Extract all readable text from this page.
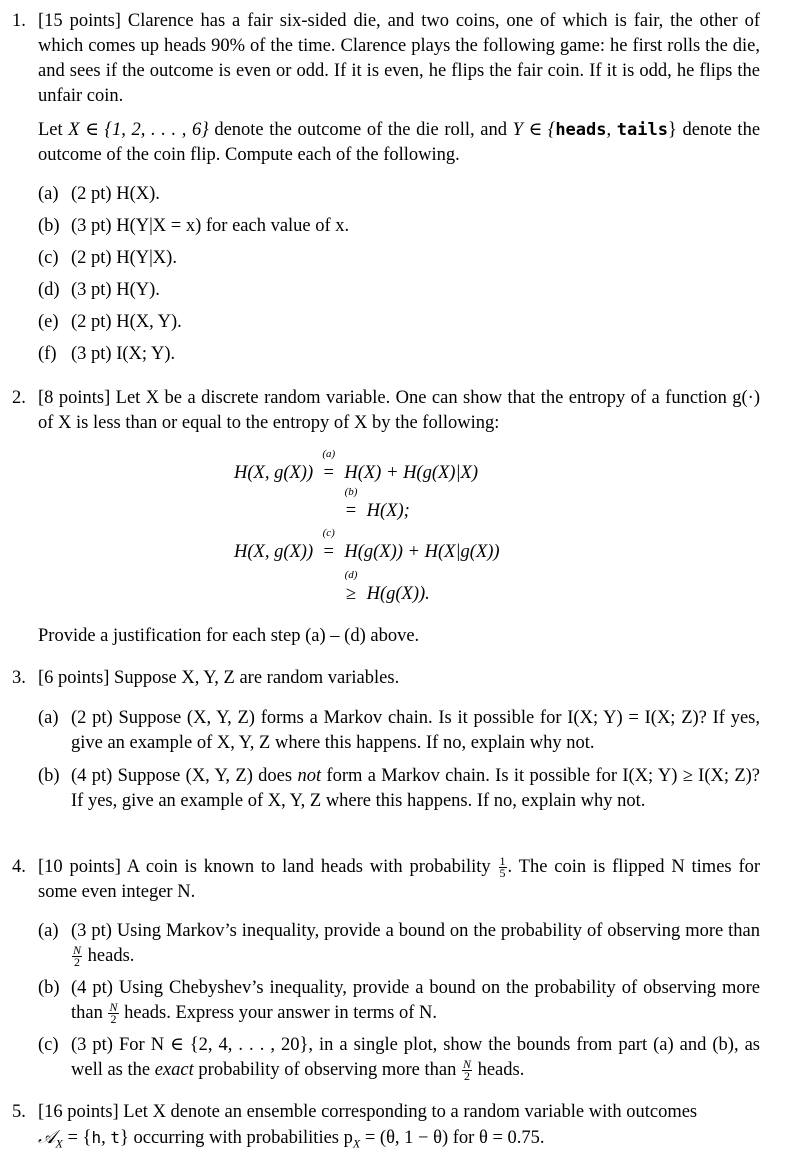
1. [15 points] Clarence has a fair six-sided die, and two coins, one of which is fair, the other of which comes up heads 90% of the time. Clarence plays the following game: he first rolls the die, and sees if the outcome is even or odd. If it is even, he flips the fair coin. If it is odd, he flips the unfair coin.

Let X ∈ {1, 2, . . . , 6} denote the outcome of the die roll, and Y ∈ {heads, tails} denote the outcome of the coin flip. Compute each of the following.

(a) (2 pt) H(X).

(b) (3 pt) H(Y|X = x) for each value of x.

(c) (2 pt) H(Y|X).

(d) (3 pt) H(Y).

(e) (2 pt) H(X, Y).

(f) (3 pt) I(X; Y).

2. [8 points] Let X be a discrete random variable. One can show that the entropy of a function g(·) of X is less than or equal to the entropy of X by the following:

H(X, g(X))
(a)
= H(X) + H(g(X)|X)
(b)
= H(X);
H(X, g(X))
(c)
= H(g(X)) + H(X|g(X))
(d)
≥ H(g(X)).

Provide a justification for each step (a) – (d) above.

3. [6 points] Suppose X, Y, Z are random variables.

(a) (2 pt) Suppose (X, Y, Z) forms a Markov chain. Is it possible for I(X; Y) = I(X; Z)? If yes, give an example of X, Y, Z where this happens. If no, explain why not.

(b) (4 pt) Suppose (X, Y, Z) does not form a Markov chain. Is it possible for I(X; Y) ≥ I(X; Z)? If yes, give an example of X, Y, Z where this happens. If no, explain why not.

4. [10 points] A coin is known to land heads with probability $\frac{1}{5}$ . The coin is flipped N times for some even integer N.

(a) (3 pt) Using Markov’s inequality, provide a bound on the probability of observing more than
$\frac{N}{2}$ heads.

(b) (4 pt) Using Chebyshev’s inequality, provide a bound on the probability of observing more than $\frac{N}{2}$ heads. Express your answer in terms of N.

(c) (3 pt) For N ∈ {2, 4, . . . , 20}, in a single plot, show the bounds from part (a) and (b), as well as the exact probability of observing more than $\frac{N}{2}$ heads.

5. [16 points] Let X denote an ensemble corresponding to a random variable with outcomes

𝒜$_X$ = {h, t} occurring with probabilities $p_X = (\theta$, 1 − θ) for θ = 0.75.
